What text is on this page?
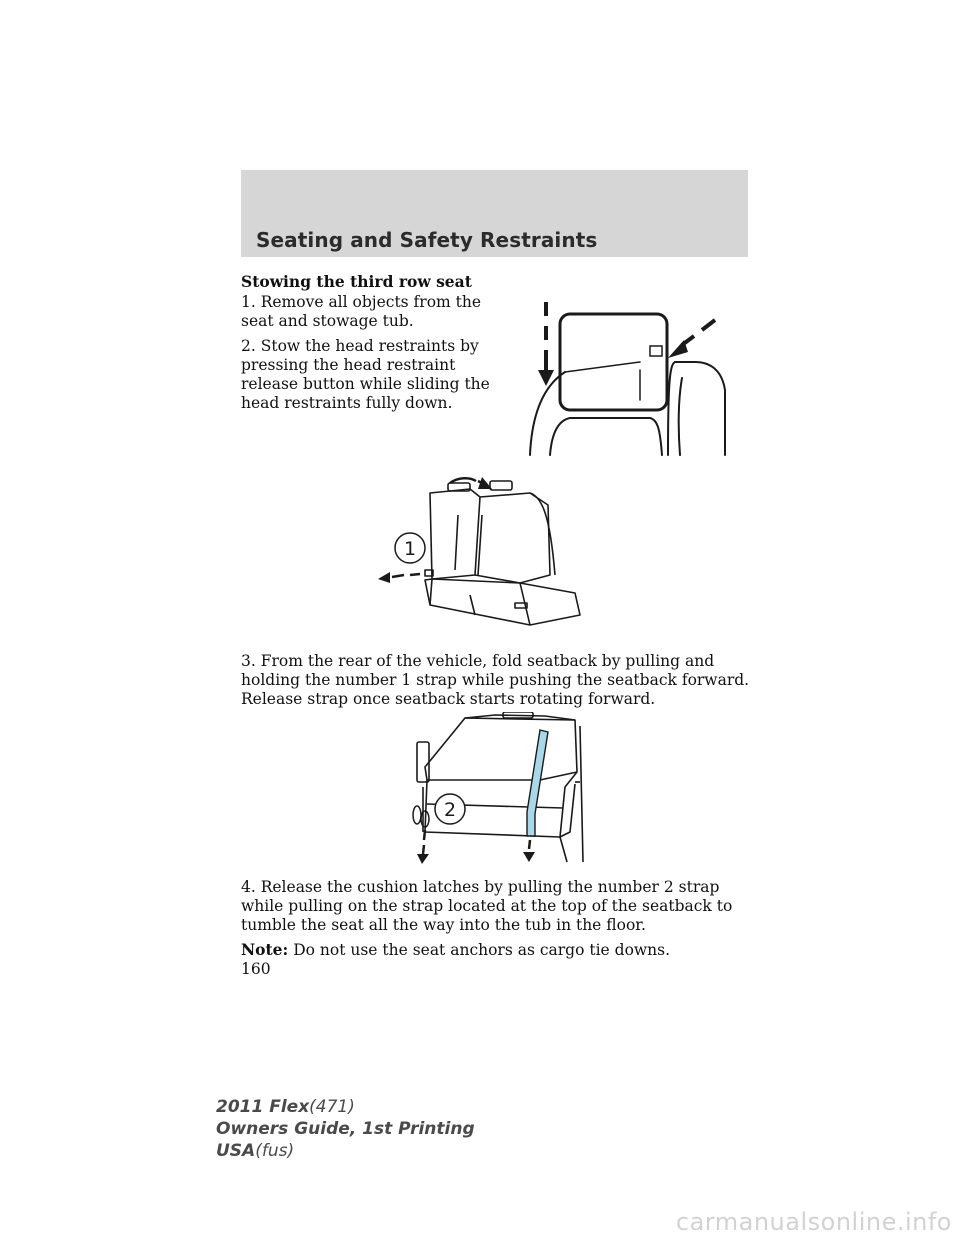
Seating and Safety Restraints
Stowing the third row seat
1. Remove all objects from the seat and stowage tub.
2. Stow the head restraints by pressing the head restraint release button while sliding the head restraints fully down.
1
3. From the rear of the vehicle, fold seatback by pulling and holding the number 1 strap while pushing the seatback forward. Release strap once seatback starts rotating forward.
2
4. Release the cushion latches by pulling the number 2 strap while pulling on the strap located at the top of the seatback to tumble the seat all the way into the tub in the floor.
Note: Do not use the seat anchors as cargo tie downs.
160
2011 Flex(471)
Owners Guide, 1st Printing
USA(fus)
carmanualsonline.info
